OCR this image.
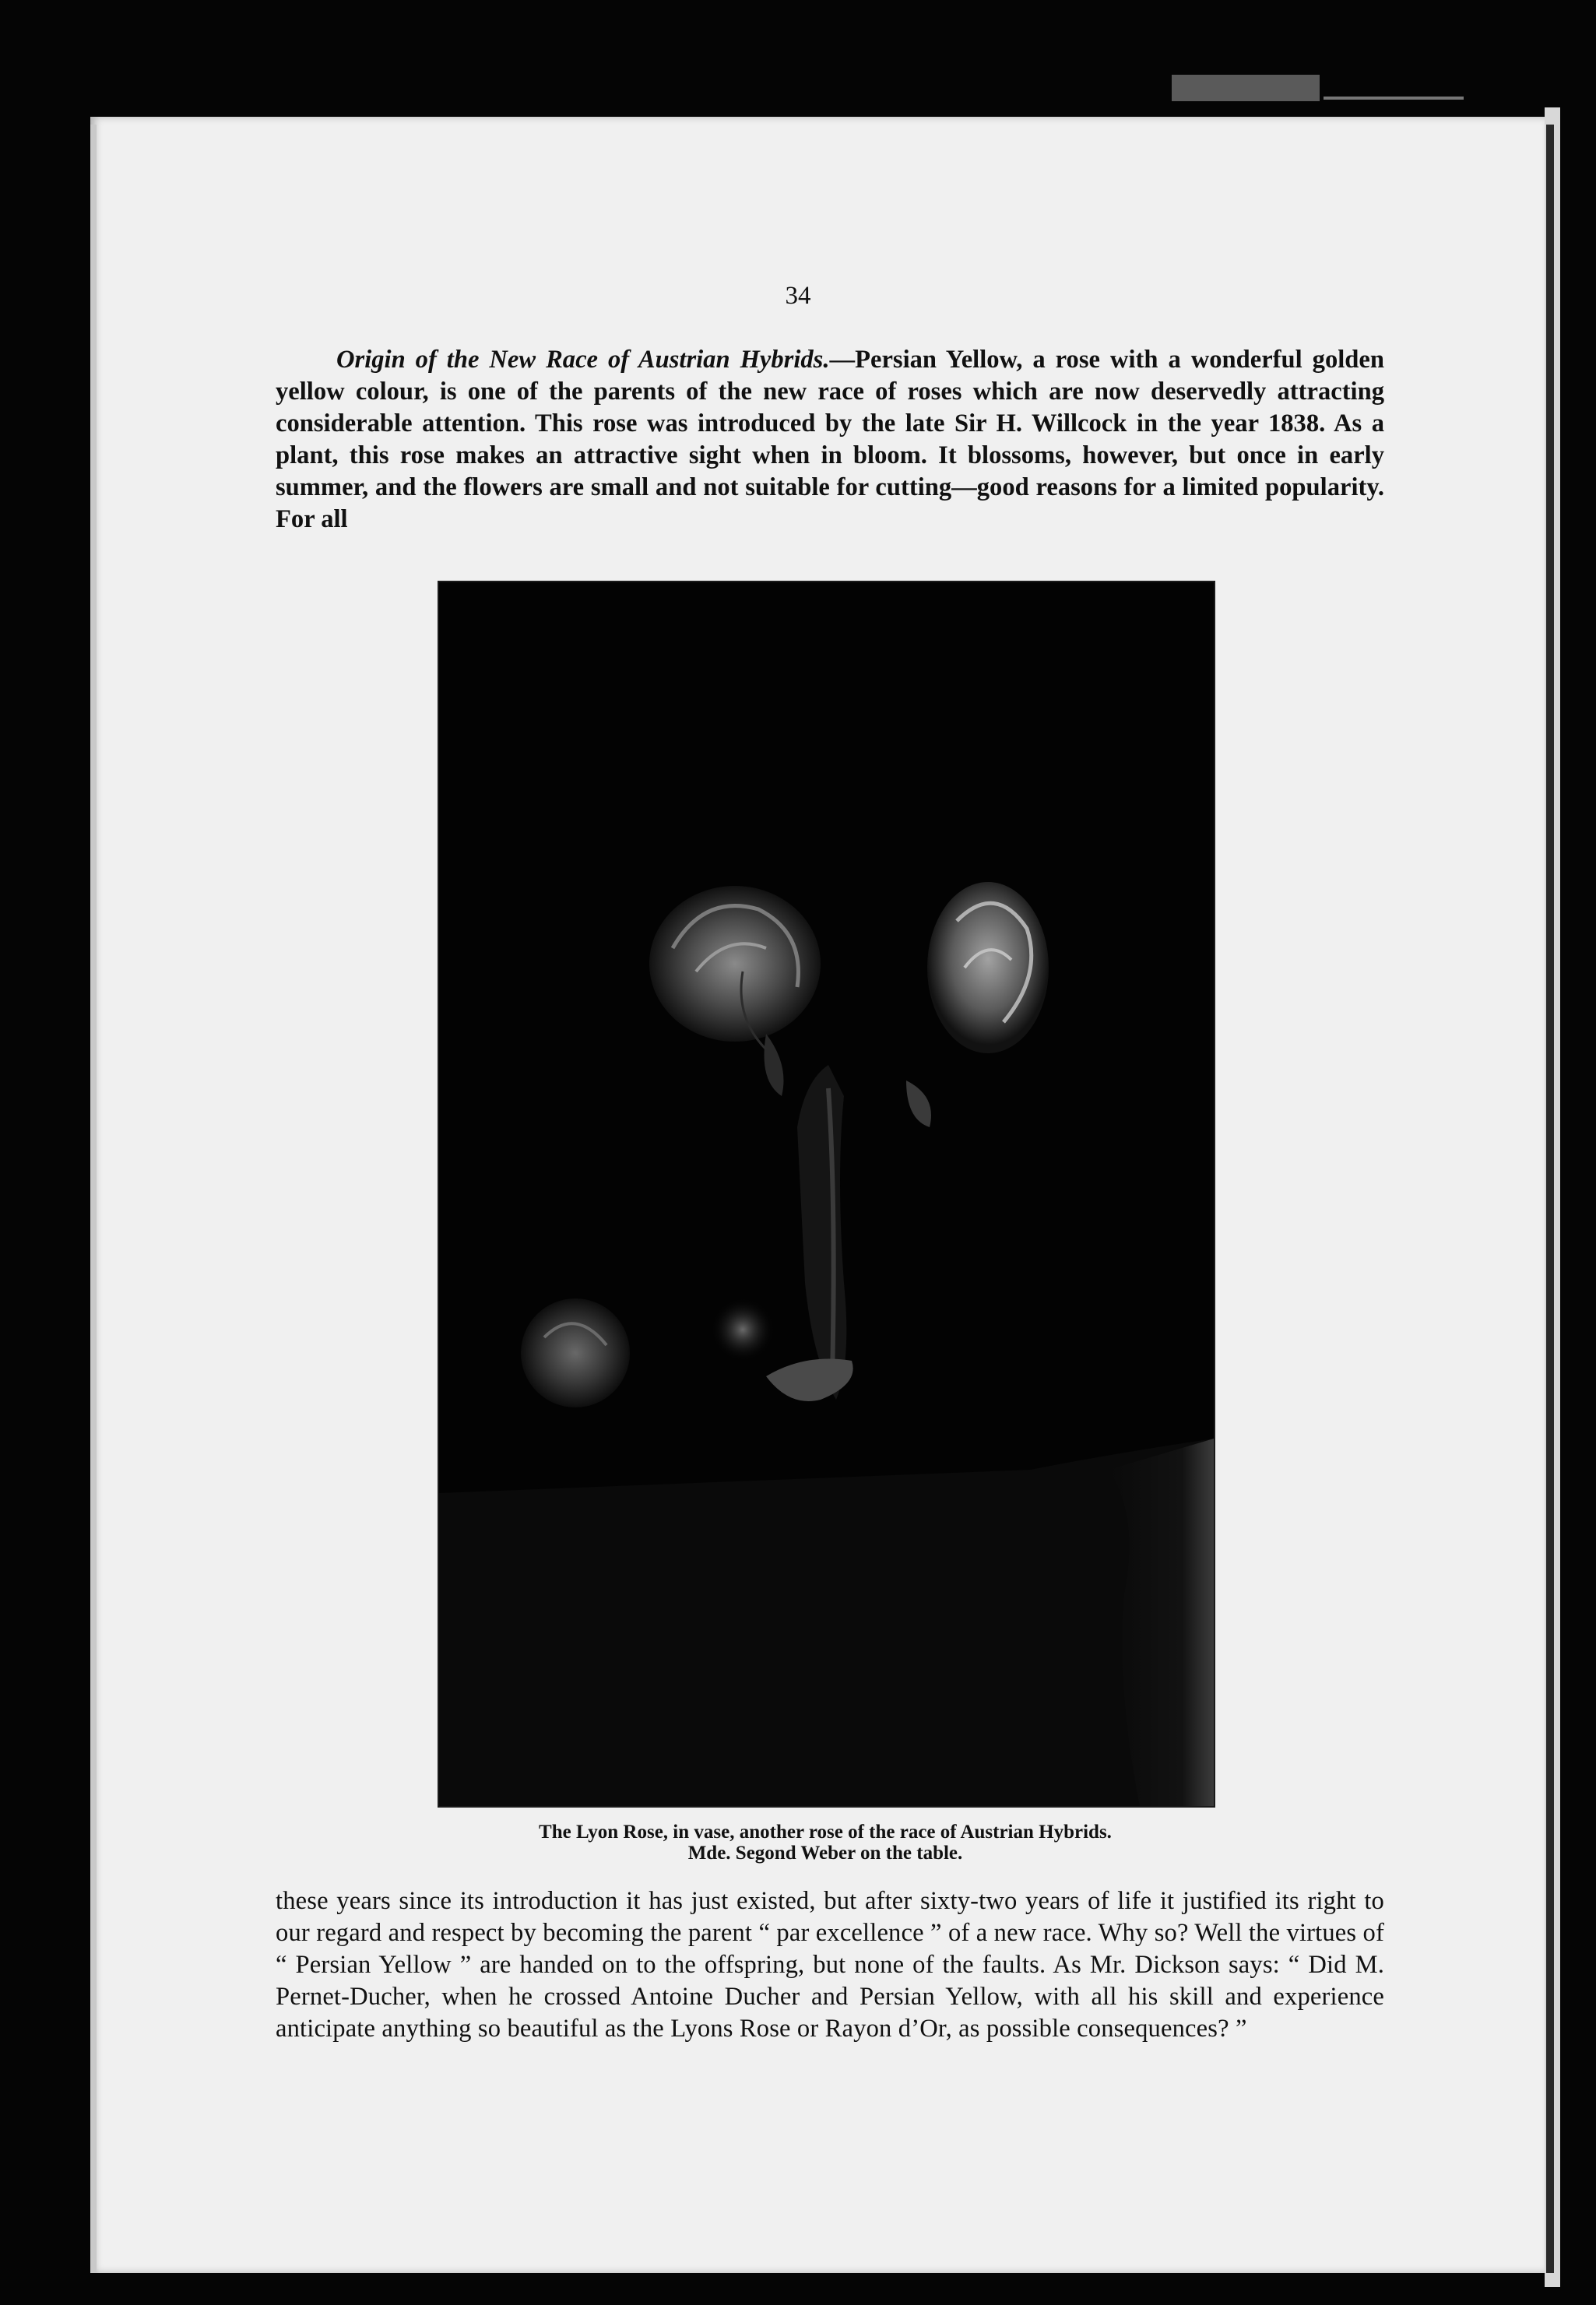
34
Origin of the New Race of Austrian Hybrids.—Persian Yellow, a rose with a wonderful golden yellow colour, is one of the parents of the new race of roses which are now deservedly attracting considerable attention. This rose was introduced by the late Sir H. Willcock in the year 1838. As a plant, this rose makes an attractive sight when in bloom. It blossoms, however, but once in early summer, and the flowers are small and not suitable for cutting—good reasons for a limited popularity. For all
The Lyon Rose, in vase, another rose of the race of Austrian Hybrids.
Mde. Segond Weber on the table.
these years since its introduction it has just existed, but after sixty-two years of life it justified its right to our regard and respect by becoming the parent “ par excellence ” of a new race. Why so? Well the virtues of “ Persian Yellow ” are handed on to the offspring, but none of the faults. As Mr. Dickson says: “ Did M. Pernet-Ducher, when he crossed Antoine Ducher and Persian Yellow, with all his skill and experience anticipate anything so beautiful as the Lyons Rose or Rayon d’Or, as possible consequences? ”
